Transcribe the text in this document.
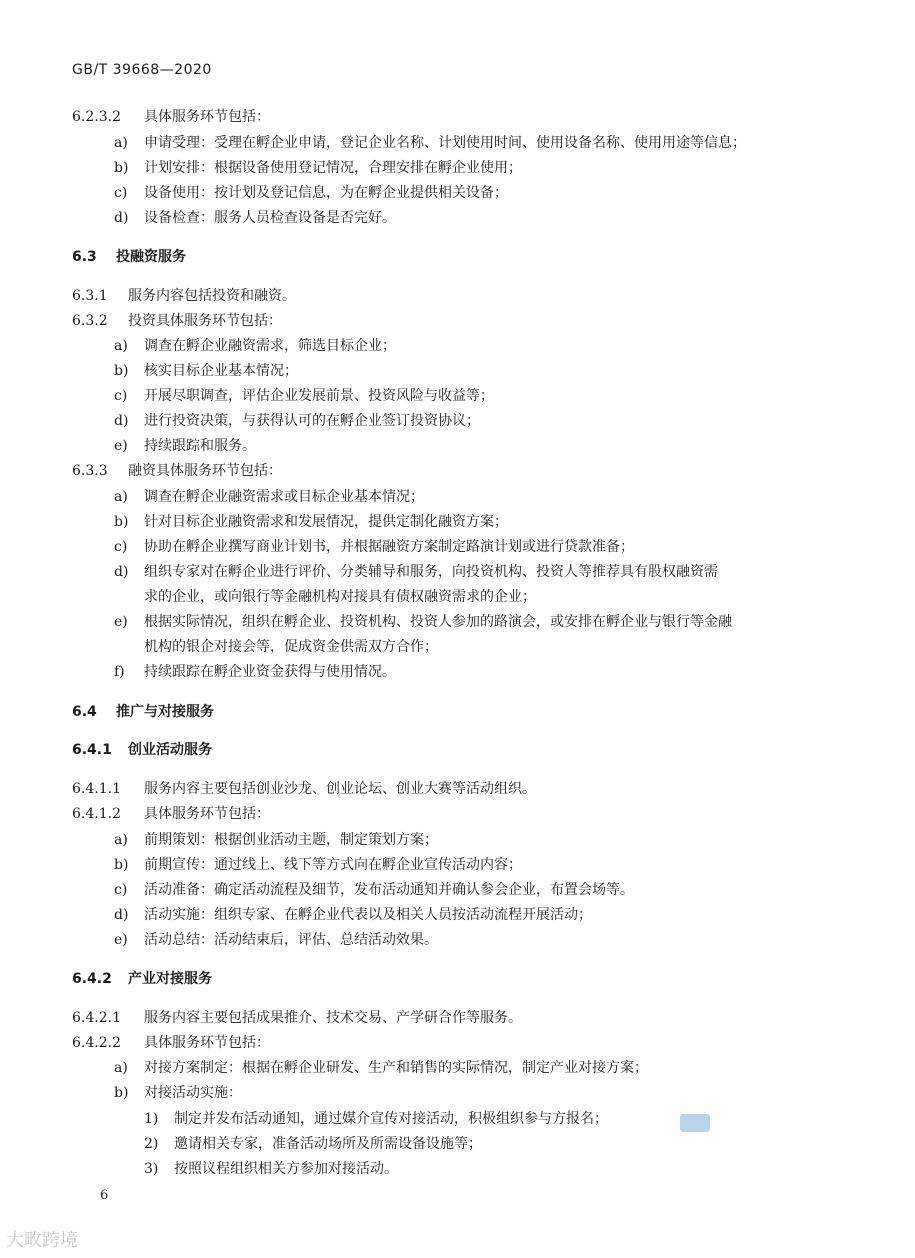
GB/T 39668—2020
6.2.3.2 具体服务环节包括：
a) 申请受理：受理在孵企业申请，登记企业名称、计划使用时间、使用设备名称、使用用途等信息；
b) 计划安排：根据设备使用登记情况，合理安排在孵企业使用；
c) 设备使用：按计划及登记信息，为在孵企业提供相关设备；
d) 设备检查：服务人员检查设备是否完好。
6.3 投融资服务
6.3.1 服务内容包括投资和融资。
6.3.2 投资具体服务环节包括：
a) 调查在孵企业融资需求，筛选目标企业；
b) 核实目标企业基本情况；
c) 开展尽职调查，评估企业发展前景、投资风险与收益等；
d) 进行投资决策，与获得认可的在孵企业签订投资协议；
e) 持续跟踪和服务。
6.3.3 融资具体服务环节包括：
a) 调查在孵企业融资需求或目标企业基本情况；
b) 针对目标企业融资需求和发展情况，提供定制化融资方案；
c) 协助在孵企业撰写商业计划书，并根据融资方案制定路演计划或进行贷款准备；
d) 组织专家对在孵企业进行评价、分类辅导和服务，向投资机构、投资人等推荐具有股权融资需
求的企业，或向银行等金融机构对接具有债权融资需求的企业；
e) 根据实际情况，组织在孵企业、投资机构、投资人参加的路演会，或安排在孵企业与银行等金融
机构的银企对接会等，促成资金供需双方合作；
f) 持续跟踪在孵企业资金获得与使用情况。
6.4 推广与对接服务
6.4.1 创业活动服务
6.4.1.1 服务内容主要包括创业沙龙、创业论坛、创业大赛等活动组织。
6.4.1.2 具体服务环节包括：
a) 前期策划：根据创业活动主题，制定策划方案；
b) 前期宣传：通过线上、线下等方式向在孵企业宣传活动内容；
c) 活动准备：确定活动流程及细节，发布活动通知并确认参会企业，布置会场等。
d) 活动实施：组织专家、在孵企业代表以及相关人员按活动流程开展活动；
e) 活动总结：活动结束后，评估、总结活动效果。
6.4.2 产业对接服务
6.4.2.1 服务内容主要包括成果推介、技术交易、产学研合作等服务。
6.4.2.2 具体服务环节包括：
a) 对接方案制定：根据在孵企业研发、生产和销售的实际情况，制定产业对接方案；
b) 对接活动实施：
1) 制定并发布活动通知，通过媒介宣传对接活动，积极组织参与方报名；
2) 邀请相关专家，准备活动场所及所需设备设施等；
3) 按照议程组织相关方参加对接活动。
6
大畋跨境
